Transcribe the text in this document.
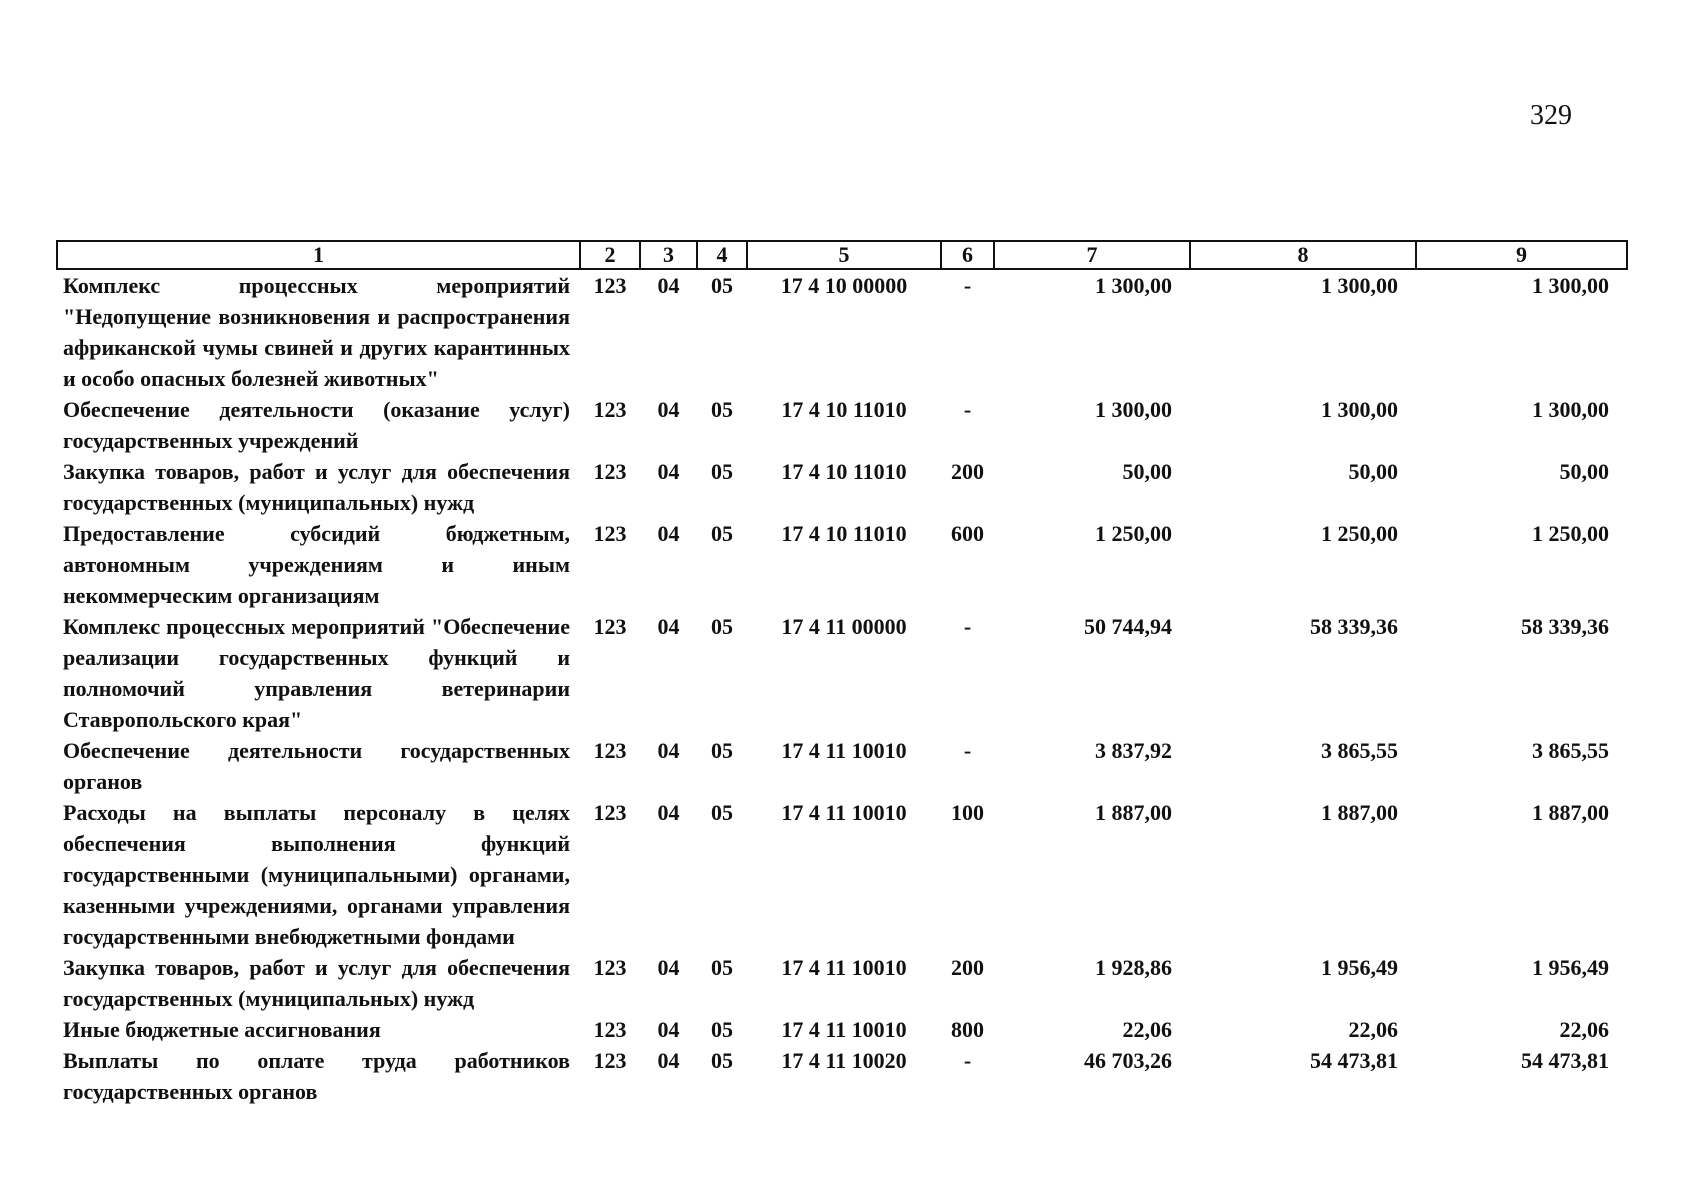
329
1	2	3	4	5	6	7	8	9
Комплекс процессных мероприятий "Недопущение возникновения и распространения африканской чумы свиней и других карантинных и особо опасных болезней животных"	123	04	05	17 4 10 00000	-	1 300,00	1 300,00	1 300,00
Обеспечение деятельности (оказание услуг) государственных учреждений	123	04	05	17 4 10 11010	-	1 300,00	1 300,00	1 300,00
Закупка товаров, работ и услуг для обеспечения государственных (муниципальных) нужд	123	04	05	17 4 10 11010	200	50,00	50,00	50,00
Предоставление субсидий бюджетным, автономным учреждениям и иным некоммерческим организациям	123	04	05	17 4 10 11010	600	1 250,00	1 250,00	1 250,00
Комплекс процессных мероприятий "Обеспечение реализации государственных функций и полномочий управления ветеринарии Ставропольского края"	123	04	05	17 4 11 00000	-	50 744,94	58 339,36	58 339,36
Обеспечение деятельности государственных органов	123	04	05	17 4 11 10010	-	3 837,92	3 865,55	3 865,55
Расходы на выплаты персоналу в целях обеспечения выполнения функций государственными (муниципальными) органами, казенными учреждениями, органами управления государственными внебюджетными фондами	123	04	05	17 4 11 10010	100	1 887,00	1 887,00	1 887,00
Закупка товаров, работ и услуг для обеспечения государственных (муниципальных) нужд	123	04	05	17 4 11 10010	200	1 928,86	1 956,49	1 956,49
Иные бюджетные ассигнования	123	04	05	17 4 11 10010	800	22,06	22,06	22,06
Выплаты по оплате труда работников государственных органов	123	04	05	17 4 11 10020	-	46 703,26	54 473,81	54 473,81
